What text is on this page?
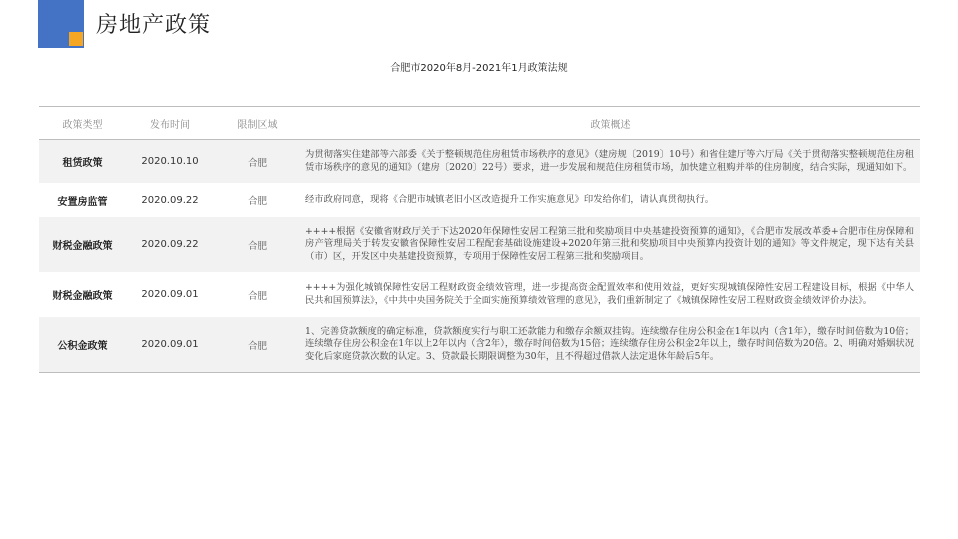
房地产政策
合肥市2020年8月-2021年1月政策法规
政策类型	发布时间	限制区域	政策概述
租赁政策	2020.10.10	合肥	为贯彻落实住建部等六部委《关于整顿规范住房租赁市场秩序的意见》（建房规〔2019〕10号）和省住建厅等六厅局《关于贯彻落实整顿规范住房租赁市场秩序的意见的通知》（建房〔2020〕22号）要求，进一步发展和规范住房租赁市场，加快建立租购并举的住房制度，结合实际，现通知如下。
安置房监管	2020.09.22	合肥	经市政府同意，现将《合肥市城镇老旧小区改造提升工作实施意见》印发给你们，请认真贯彻执行。
财税金融政策	2020.09.22	合肥	++++根据《安徽省财政厅关于下达2020年保障性安居工程第三批和奖励项目中央基建投资预算的通知》，《合肥市发展改革委+合肥市住房保障和房产管理局关于转发安徽省保障性安居工程配套基础设施建设+2020年第三批和奖励项目中央预算内投资计划的通知》等文件规定，现下达有关县（市）区，开发区中央基建投资预算，专项用于保障性安居工程第三批和奖励项目。
财税金融政策	2020.09.01	合肥	++++为强化城镇保障性安居工程财政资金绩效管理，进一步提高资金配置效率和使用效益，更好实现城镇保障性安居工程建设目标，根据《中华人民共和国预算法》，《中共中央国务院关于全面实施预算绩效管理的意见》，我们重新制定了《城镇保障性安居工程财政资金绩效评价办法》。
公积金政策	2020.09.01	合肥	1、完善贷款额度的确定标准，贷款额度实行与职工还款能力和缴存余额双挂钩。连续缴存住房公积金在1年以内（含1年），缴存时间倍数为10倍；连续缴存住房公积金在1年以上2年以内（含2年），缴存时间倍数为15倍；连续缴存住房公积金2年以上，缴存时间倍数为20倍。2、明确对婚姻状况变化后家庭贷款次数的认定。3、贷款最长期限调整为30年，且不得超过借款人法定退休年龄后5年。
